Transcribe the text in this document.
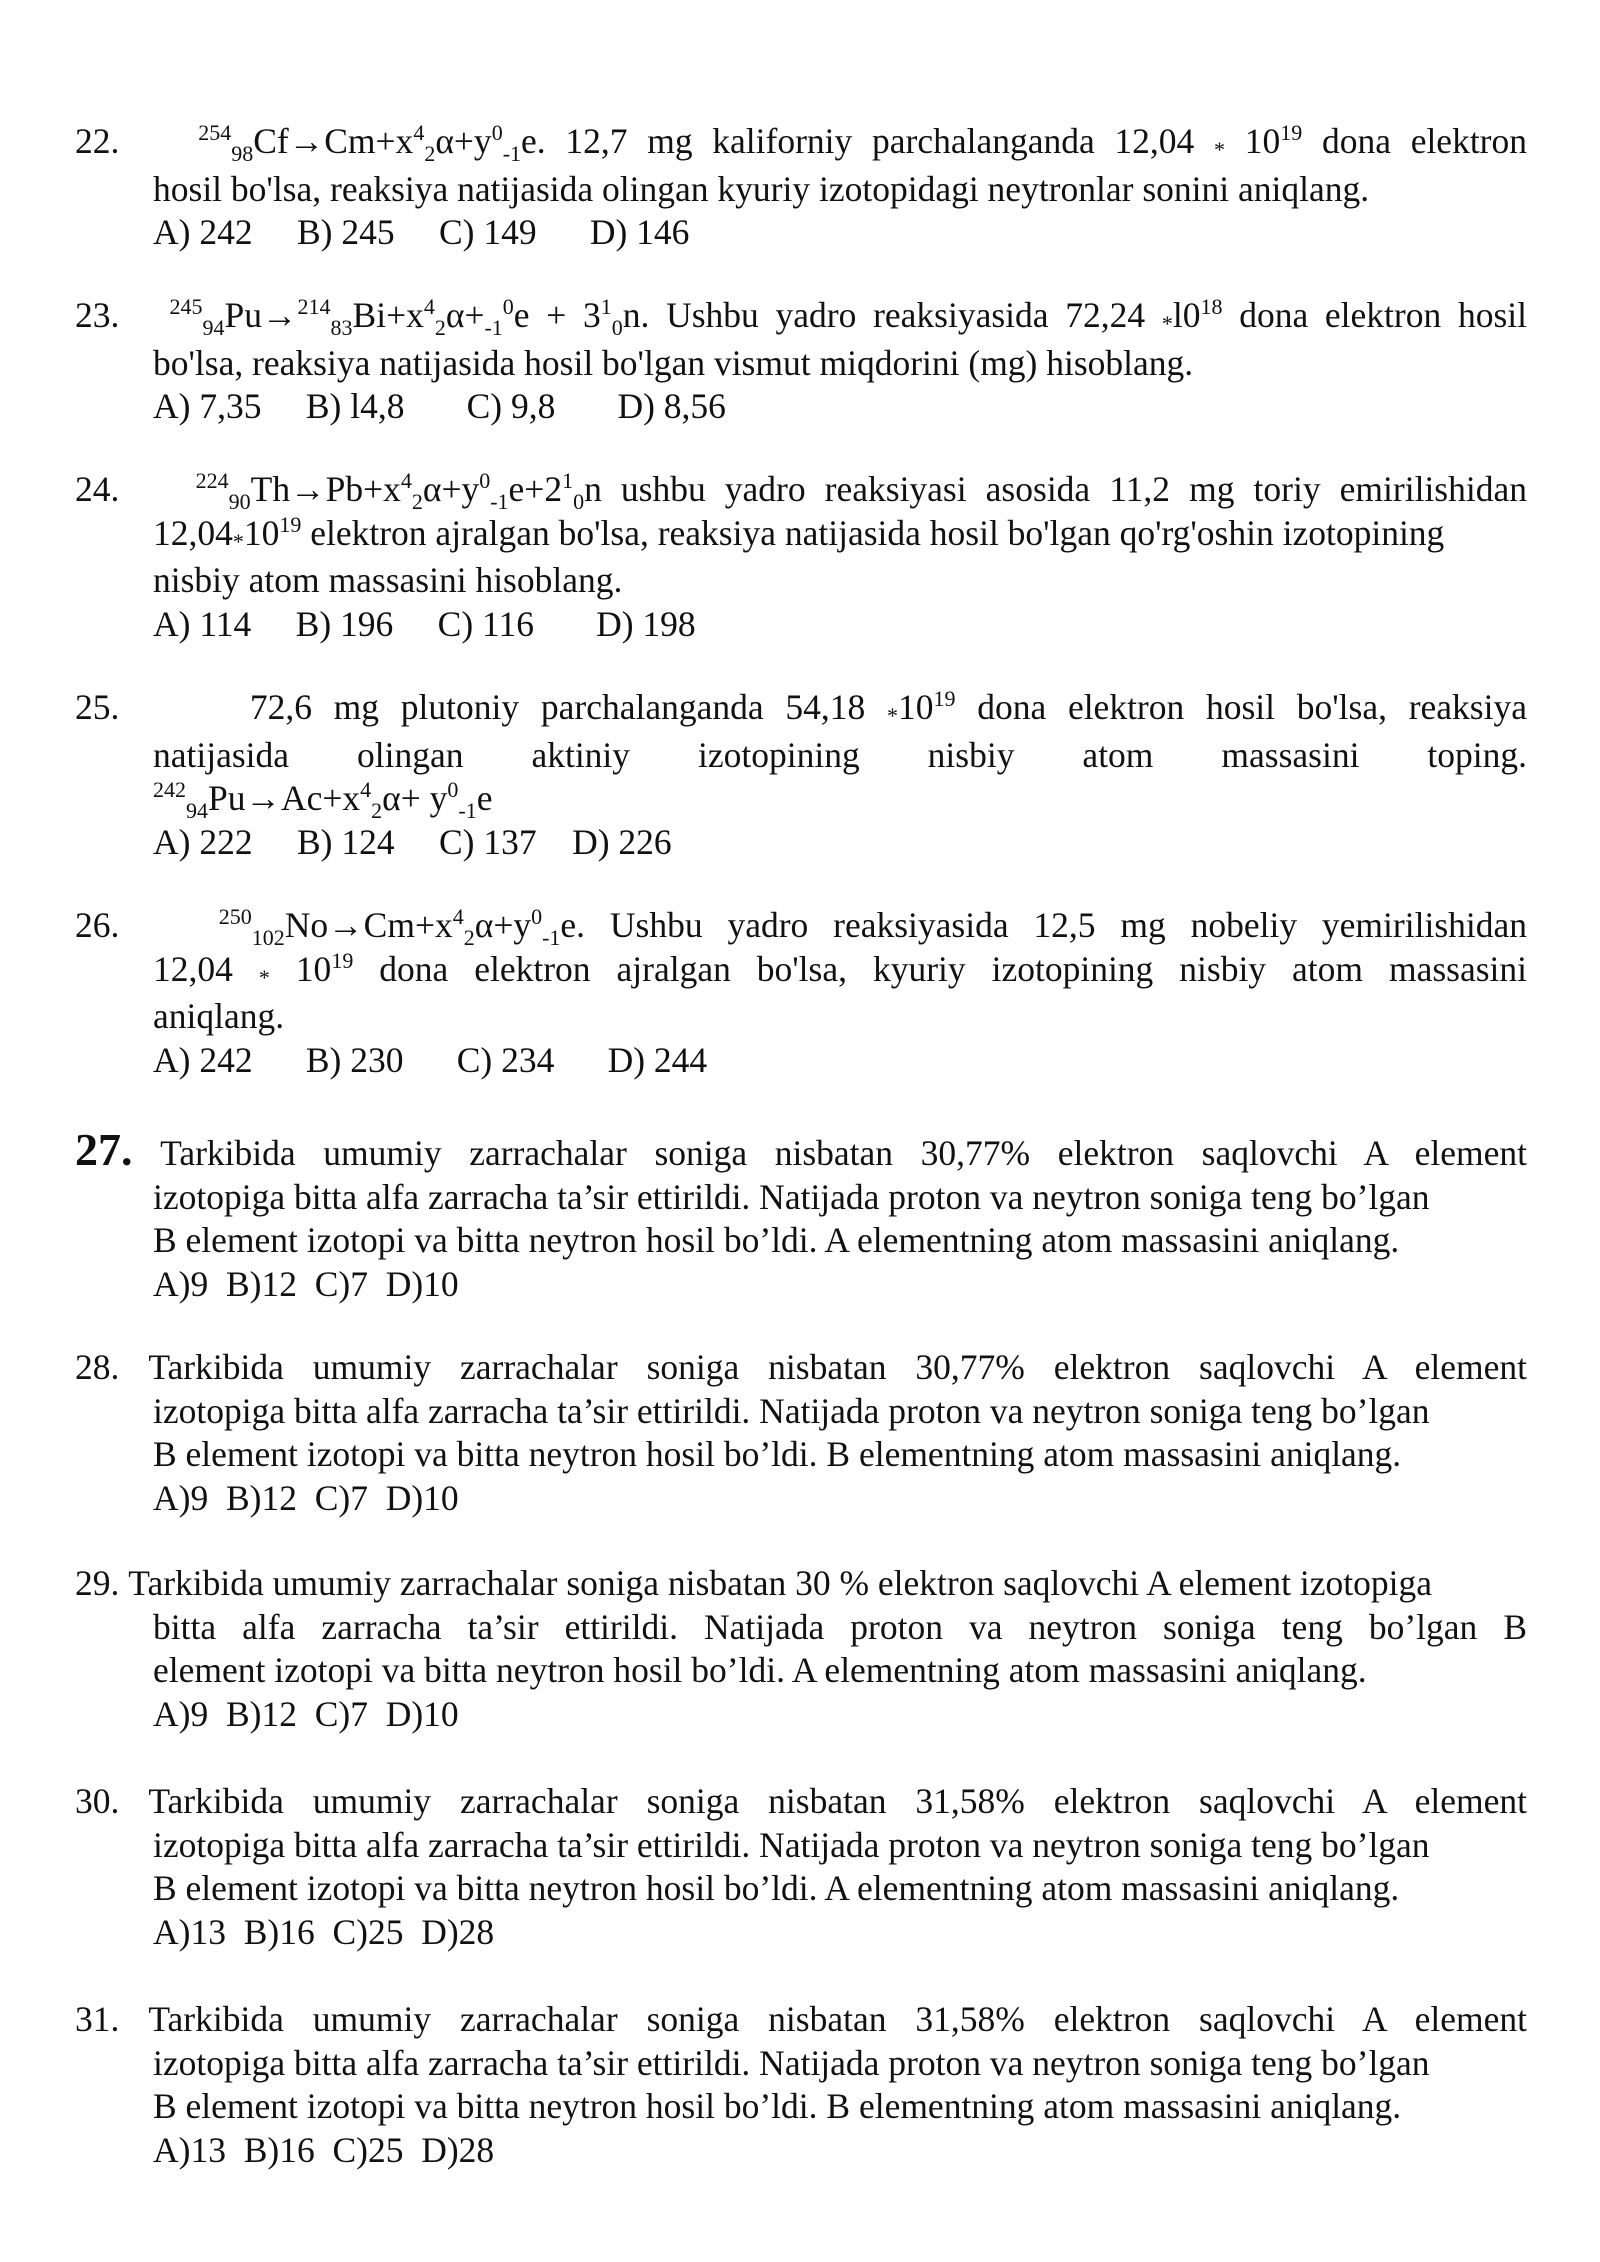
22.	$^{254}_{98}Cf\to Cm+x^4_2\alpha+y^0_{-1}e$. 12,7 mg kaliforniy parchalanganda $12,04 * 10^{19}$ dona elektron
hosil bo'lsa, reaksiya natijasida olingan kyuriy izotopidagi neytronlar sonini aniqlang.
A) 242     B) 245     C) 149      D) 146
23. $^{245}_{94}Pu\to^{214}_{83}Bi+x^4_2\alpha+_{-1}^0e + 3^1_0n$. Ushbu yadro reaksiyasida 72,24 $*l0^{18}$ dona elektron hosil
bo'lsa, reaksiya natijasida hosil bo'lgan vismut miqdorini (mg) hisoblang.
A) 7,35     B) l4,8       C) 9,8       D) 8,56
24.	$^{224}_{90}Th\to Pb+x^4_2\alpha+y^0_{-1}e+2^1_0n$ ushbu yadro reaksiyasi asosida 11,2 mg toriy emirilishidan
$12,04*10^{19}$ elektron ajralgan bo'lsa, reaksiya natijasida hosil bo'lgan qo'rg'oshin izotopining
nisbiy atom massasini hisoblang.
A) 114     B) 196     C) 116       D) 198
25.      72,6 mg plutoniy parchalanganda 54,18 $*10^{19}$ dona elektron hosil bo'lsa, reaksiya
natijasida olingan aktiniy izotopining nisbiy atom massasini toping.
$^{242}_{94}Pu\to Ac+x^4_2\alpha+ y^0_{-1}e$
A) 222     B) 124     C) 137    D) 226
26.	$^{250}_{102}No\to Cm+x^4_2\alpha+y^0_{-1}e$. Ushbu yadro reaksiyasida 12,5 mg nobeliy yemirilishidan
$12,04 * 10^{19}$ dona elektron ajralgan bo'lsa, kyuriy izotopining nisbiy atom massasini
aniqlang.
A) 242      B) 230      C) 234      D) 244
27. Tarkibida umumiy zarrachalar soniga nisbatan 30,77% elektron saqlovchi A element
izotopiga bitta alfa zarracha ta’sir ettirildi. Natijada proton va neytron soniga teng bo’lgan
B element izotopi va bitta neytron hosil bo’ldi. A elementning atom massasini aniqlang.
A)9  B)12  C)7  D)10
28. Tarkibida umumiy zarrachalar soniga nisbatan 30,77% elektron saqlovchi A element
izotopiga bitta alfa zarracha ta’sir ettirildi. Natijada proton va neytron soniga teng bo’lgan
B element izotopi va bitta neytron hosil bo’ldi. B elementning atom massasini aniqlang.
A)9  B)12  C)7  D)10
29. Tarkibida umumiy zarrachalar soniga nisbatan 30 % elektron saqlovchi A element izotopiga
bitta alfa zarracha ta’sir ettirildi. Natijada proton va neytron soniga teng bo’lgan B
element izotopi va bitta neytron hosil bo’ldi. A elementning atom massasini aniqlang.
A)9  B)12  C)7  D)10
30. Tarkibida umumiy zarrachalar soniga nisbatan 31,58% elektron saqlovchi A element
izotopiga bitta alfa zarracha ta’sir ettirildi. Natijada proton va neytron soniga teng bo’lgan
B element izotopi va bitta neytron hosil bo’ldi. A elementning atom massasini aniqlang.
A)13  B)16  C)25  D)28
31. Tarkibida umumiy zarrachalar soniga nisbatan 31,58% elektron saqlovchi A element
izotopiga bitta alfa zarracha ta’sir ettirildi. Natijada proton va neytron soniga teng bo’lgan
B element izotopi va bitta neytron hosil bo’ldi. B elementning atom massasini aniqlang.
A)13  B)16  C)25  D)28
